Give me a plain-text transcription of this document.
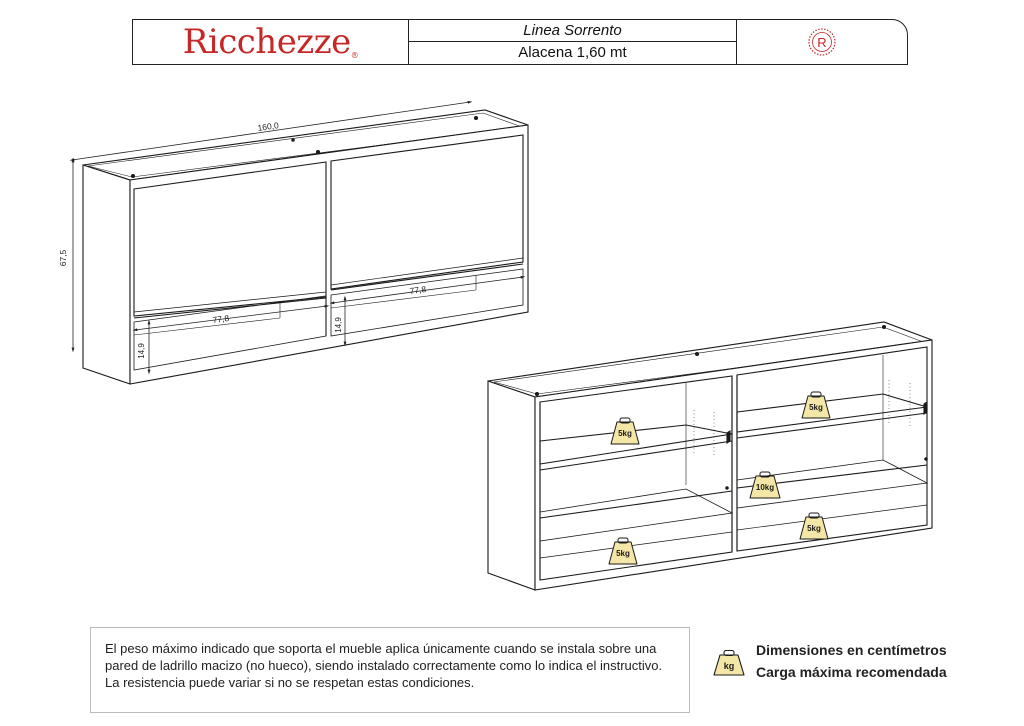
Ricchezze®
Linea Sorrento
Alacena 1,60 mt
R
160,0
67,5
77,8
77,8
14,9
14,9
5kg
5kg
10kg
5kg
5kg
El peso máximo indicado que soporta el mueble aplica únicamente cuando se instala sobre una pared de ladrillo macizo (no hueco), siendo instalado correctamente como lo indica el instructivo. La resistencia puede variar si no se respetan estas condiciones.
kg
Dimensiones en centímetros
Carga máxima recomendada
